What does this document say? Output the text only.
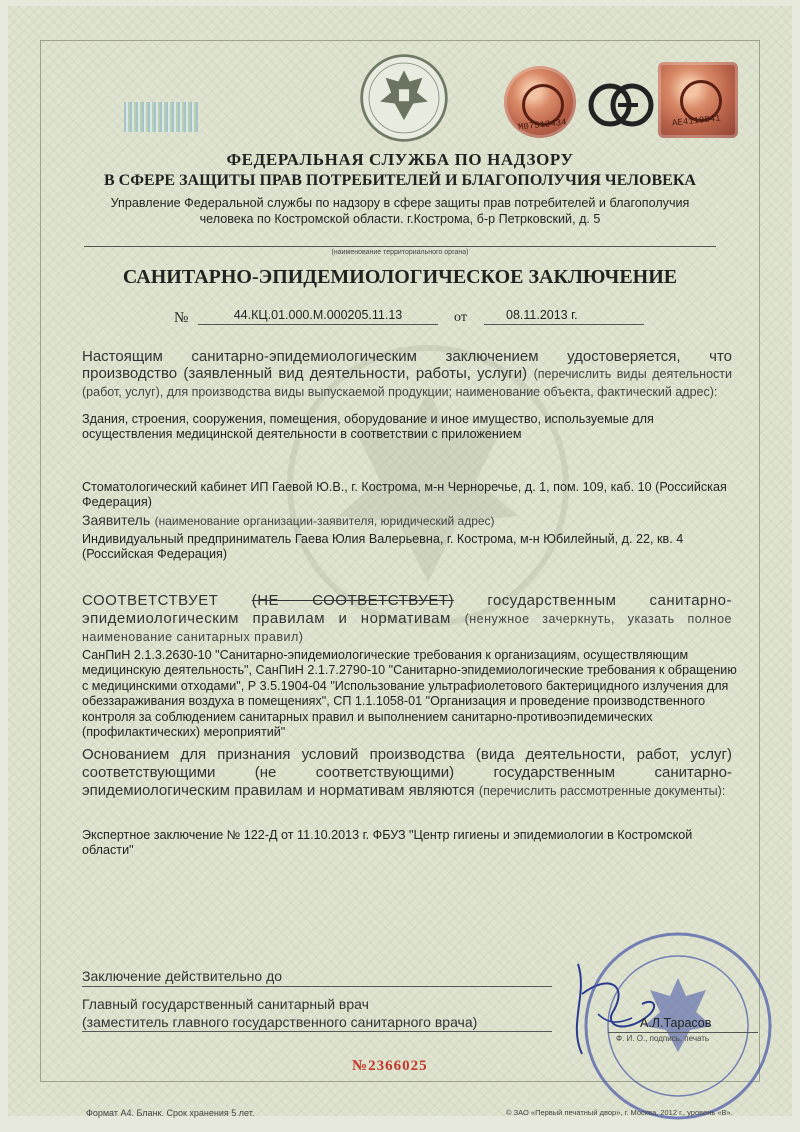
M07512434	AE4119841
ФЕДЕРАЛЬНАЯ СЛУЖБА ПО НАДЗОРУ
В СФЕРЕ ЗАЩИТЫ ПРАВ ПОТРЕБИТЕЛЕЙ И БЛАГОПОЛУЧИЯ ЧЕЛОВЕКА
Управление Федеральной службы по надзору в сфере защиты прав потребителей и благополучия
человека по Костромской области. г.Кострома, б-р Петрковский, д. 5
(наименование территориального органа)
САНИТАРНО-ЭПИДЕМИОЛОГИЧЕСКОЕ ЗАКЛЮЧЕНИЕ
№	44.КЦ.01.000.М.000205.11.13	от	08.11.2013 г.
Настоящим санитарно-эпидемиологическим заключением удостоверяется, что производство (заявленный вид деятельности, работы, услуги) (перечислить виды деятельности (работ, услуг), для производства виды выпускаемой продукции; наименование объекта, фактический адрес):
Здания, строения, сооружения, помещения, оборудование и иное имущество, используемые для осуществления медицинской деятельности в соответствии с приложением
Стоматологический кабинет ИП Гаевой Ю.В., г. Кострома, м-н Черноречье, д. 1, пом. 109, каб. 10 (Российская Федерация)
Заявитель (наименование организации-заявителя, юридический адрес)
Индивидуальный предприниматель Гаева Юлия Валерьевна, г. Кострома, м-н Юбилейный, д. 22, кв. 4 (Российская Федерация)
СООТВЕТСТВУЕТ (НЕ СООТВЕТСТВУЕТ) государственным санитарно-эпидемиологическим правилам и нормативам (ненужное зачеркнуть, указать полное наименование санитарных правил)
СанПиН 2.1.3.2630-10 "Санитарно-эпидемиологические требования к организациям, осуществляющим медицинскую деятельность", СанПиН 2.1.7.2790-10 "Санитарно-эпидемиологические требования к обращению с медицинскими отходами", Р 3.5.1904-04 "Использование ультрафиолетового бактерицидного излучения для обеззараживания воздуха в помещениях", СП 1.1.1058-01 "Организация и проведение производственного контроля за соблюдением санитарных правил и выполнением санитарно-противоэпидемических (профилактических) мероприятий"
Основанием для признания условий производства (вида деятельности, работ, услуг) соответствующими (не соответствующими) государственным санитарно-эпидемиологическим правилам и нормативам являются (перечислить рассмотренные документы):
Экспертное заключение № 122-Д от 11.10.2013 г. ФБУЗ "Центр гигиены и эпидемиологии в Костромской области"
Заключение действительно до
Главный государственный санитарный врач
(заместитель главного государственного санитарного врача)	А.Л.Тарасов
Ф. И. О., подпись, печать
№2366025
Формат А4. Бланк. Срок хранения 5 лет.	© ЗАО «Первый печатный двор», г. Москва, 2012 г., уровень «В».
